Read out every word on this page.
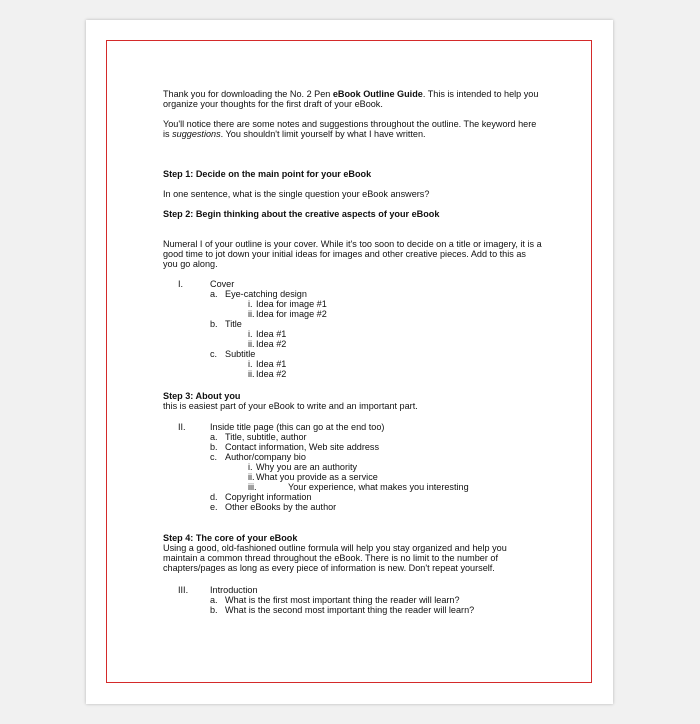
Thank you for downloading the No. 2 Pen eBook Outline Guide. This is intended to help you organize your thoughts for the first draft of your eBook.

You'll notice there are some notes and suggestions throughout the outline. The keyword here is suggestions. You shouldn't limit yourself by what I have written.

Step 1: Decide on the main point for your eBook

In one sentence, what is the single question your eBook answers?

Step 2: Begin thinking about the creative aspects of your eBook

Numeral I of your outline is your cover. While it's too soon to decide on a title or imagery, it is a good time to jot down your initial ideas for images and other creative pieces. Add to this as you go along.

I.	Cover
a. Eye-catching design
i. Idea for image #1
ii. Idea for image #2
b. Title
i. Idea #1
ii. Idea #2
c. Subtitle
i. Idea #1
ii. Idea #2

Step 3: About you

this is easiest part of your eBook to write and an important part.

II.	Inside title page (this can go at the end too)
a. Title, subtitle, author
b. Contact information, Web site address
c. Author/company bio
i. Why you are an authority
ii. What you provide as a service
iii.	Your experience, what makes you interesting
d. Copyright information
e. Other eBooks by the author

Step 4: The core of your eBook

Using a good, old-fashioned outline formula will help you stay organized and help you maintain a common thread throughout the eBook. There is no limit to the number of chapters/pages as long as every piece of information is new. Don't repeat yourself.

III. Introduction
a. What is the first most important thing the reader will learn?
b. What is the second most important thing the reader will learn?
